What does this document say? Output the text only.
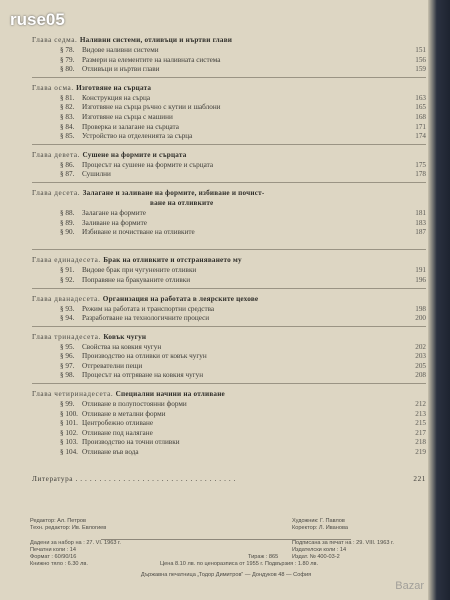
ruse05
Глава седма. Наливни системи, отливъци и нъртви глави
§ 78. Видове наливни системи	151
§ 79. Размери на елементите на наливната система	156
§ 80. Отливъци и нъртви глави	159
Глава осма. Изготвяне на сърцата
§ 81. Конструкция на сърца	163
§ 82. Изготвяне на сърца ръчно с кутии и шаблони	165
§ 83. Изготвяне на сърца с машини	168
§ 84. Проверка и залагане на сърцата	171
§ 85. Устройство на отделенията за сърца	174
Глава девета. Сушене на формите и сърцата
§ 86. Процесът на сушене на формите и сърцата	175
§ 87. Сушилни	178
Глава десета. Залагане и заливане на формите, избиване и почист-
ване на отливките
§ 88. Залагане на формите	181
§ 89. Заливане на формите	183
§ 90. Избиване и почистване на отливките	187
Глава единадесета. Брак на отливките и отстраняването му
§ 91. Видове брак при чугунените отливки	191
§ 92. Поправяне на бракуваните отливки	196
Глава дванадесета. Организация на работата в леярските цехове
§ 93. Режим на работата и транспортни средства	198
§ 94. Разработване на технологичните процеси	200
Глава тринадесета. Ковък чугун
§ 95. Свойства на ковкия чугун	202
§ 96. Производство на отливки от ковък чугун	203
§ 97. Отгревателни пещи	205
§ 98. Процесът на отгряване на ковкия чугун	208
Глава четиринадесета. Специални начини на отливане
§ 99. Отливане в полупостоянни форми	212
§ 100. Отливане в метални форми	213
§ 101. Центробежно отливане	215
§ 102. Отливане под налягане	217
§ 103. Производство на точни отливки	218
§ 104. Отливане във вода	219
Литература . . . . . . . . . . . . . . . . . . . . . . . . . . . . . . . . . .	221
Редактор: Ал. Петров	Художник: Г. Павлов
Техн. редактор: Ив. Евлогиев	Коректор: Л. Иванова
Дадени за набор на : 27. VI. 1963 г.	Подписана за печат на : 29. VIII. 1963 г.
Печатни коли : 14	Издателски коли : 14
Формат : 60/90/16	Тираж : 865 Издат. № 400-03-2
Книжно тяло : 6.30 лв.	Цена 8.10 лв. по ценоразписа от 1955 г. Подвързия : 1.80 лв.
Държавна печатница „Тодор Димитров“ — Дондуков 48 — София
Bazar
